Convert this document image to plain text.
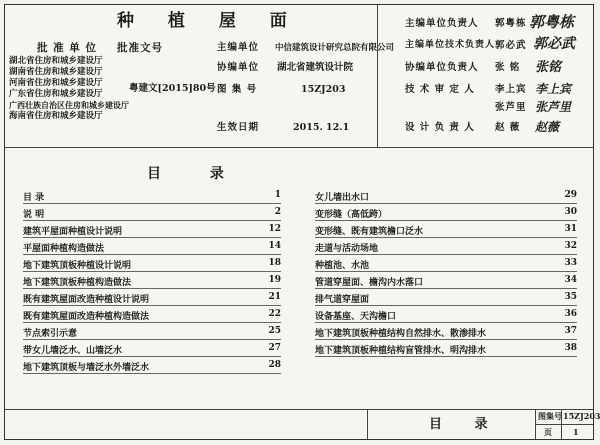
种 植 屋 面
批 准 单 位 批准文号
湖北省住房和城乡建设厅
湖南省住房和城乡建设厅
河南省住房和城乡建设厅
广东省住房和城乡建设厅
广西壮族自治区住房和城乡建设厅
海南省住房和城乡建设厅
粤建文[2015]80号
主编单位 中信建筑设计研究总院有限公司
协编单位 湖北省建筑设计院
图 集 号	15ZJ203
生效日期	2015. 12.1
主编单位负责人 郭粤栋 郭粤栋
主编单位技术负责人 郭必武 郭必武
协编单位负责人 张 铭 张铭
技 术 审 定 人 李上宾 李上宾
张芦里 张芦里
设 计 负 责 人 赵 薇 赵薇
目 录
目 录	1
说 明	2
建筑平屋面种植设计说明	12
平屋面种植构造做法	14
地下建筑顶板种植设计说明	18
地下建筑顶板种植构造做法	19
既有建筑屋面改造种植设计说明	21
既有建筑屋面改造种植构造做法	22
节点索引示意	25
带女儿墙泛水、山墙泛水	27
地下建筑顶板与墙泛水外墙泛水	28
女儿墙出水口	29
变形缝（高低跨）	30
变形缝、既有建筑檐口泛水	31
走道与活动场地	32
种植池、水池	33
管道穿屋面、檐沟内水落口	34
排气道穿屋面	35
设备基座、天沟檐口	36
地下建筑顶板种植结构自然排水、散渗排水	37
地下建筑顶板种植结构盲管排水、明沟排水	38
目 录
图集号 15ZJ203
页	1
